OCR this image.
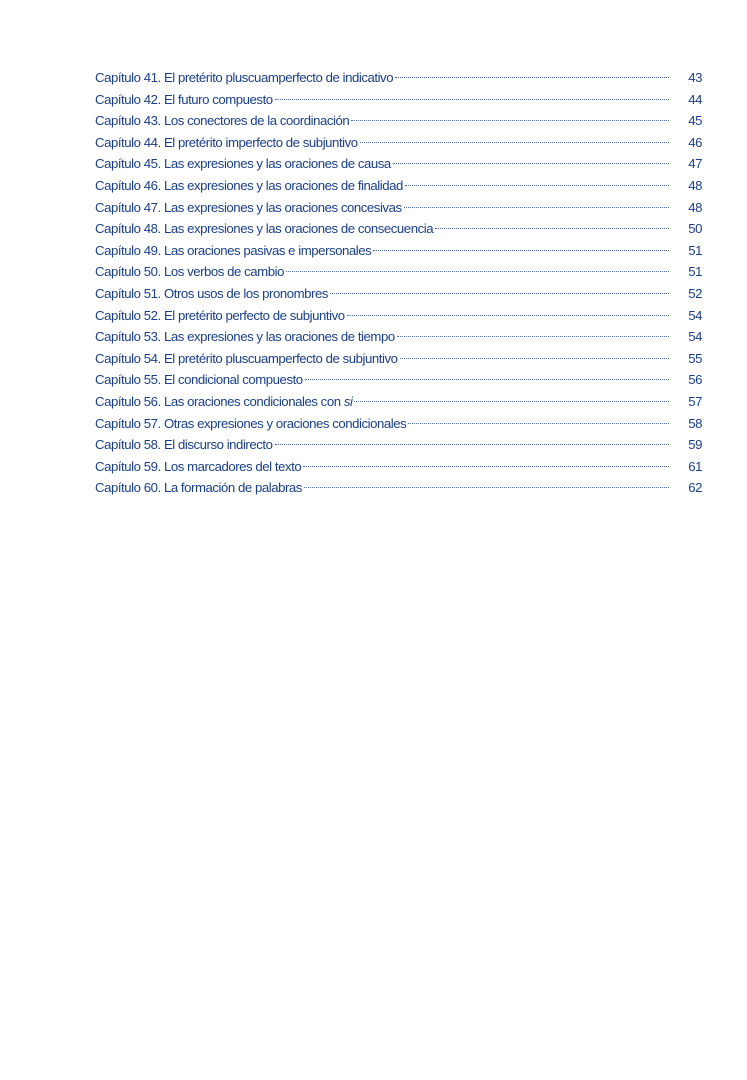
Capítulo 41. El pretérito pluscuamperfecto de indicativo	43
Capítulo 42. El futuro compuesto	44
Capítulo 43. Los conectores de la coordinación	45
Capítulo 44. El pretérito imperfecto de subjuntivo	46
Capítulo 45. Las expresiones y las oraciones de causa	47
Capítulo 46. Las expresiones y las oraciones de finalidad	48
Capítulo 47. Las expresiones y las oraciones concesivas	48
Capítulo 48. Las expresiones y las oraciones de consecuencia	50
Capítulo 49. Las oraciones pasivas e impersonales	51
Capítulo 50. Los verbos de cambio	51
Capítulo 51. Otros usos de los pronombres	52
Capítulo 52. El pretérito perfecto de subjuntivo	54
Capítulo 53. Las expresiones y las oraciones de tiempo	54
Capítulo 54. El pretérito pluscuamperfecto de subjuntivo	55
Capítulo 55. El condicional compuesto	56
Capítulo 56. Las oraciones condicionales con si	57
Capítulo 57. Otras expresiones y oraciones condicionales	58
Capítulo 58. El discurso indirecto	59
Capítulo 59. Los marcadores del texto	61
Capítulo 60. La formación de palabras	62
